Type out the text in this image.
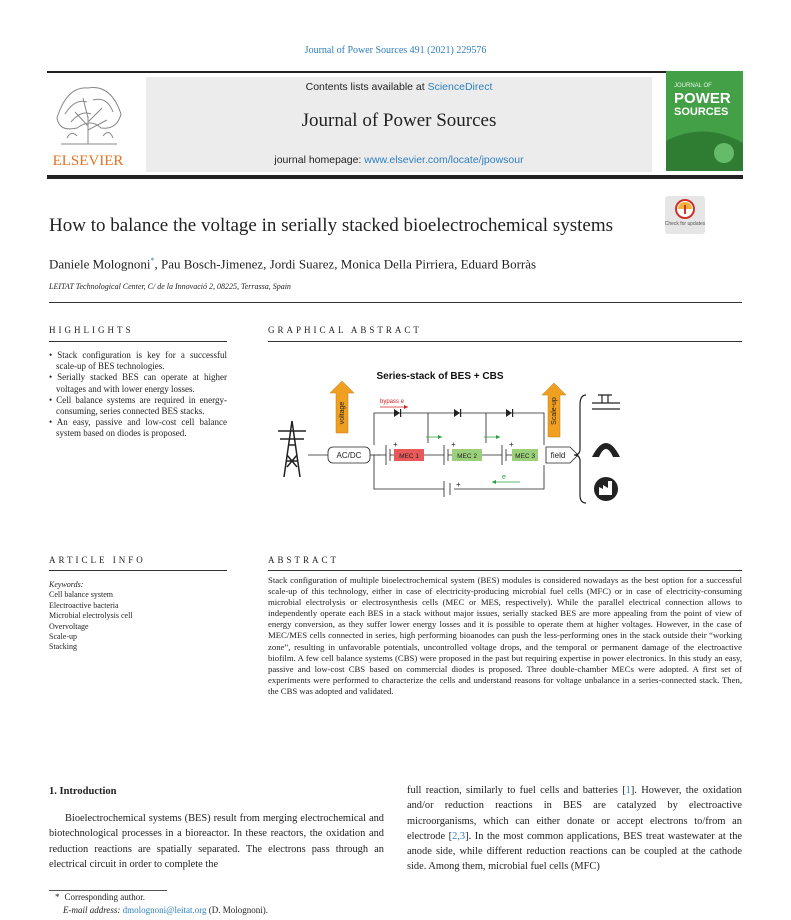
Journal of Power Sources 491 (2021) 229576
ELSEVIER
Contents lists available at ScienceDirect
Journal of Power Sources
journal homepage: www.elsevier.com/locate/jpowsour
JOURNAL OF
POWER
SOURCES
How to balance the voltage in serially stacked bioelectrochemical systems	Check for updates
Daniele Molognoni*, Pau Bosch-Jimenez, Jordi Suarez, Monica Della Pirriera, Eduard Borràs
LEITAT Technological Center, C/ de la Innovació 2, 08225, Terrassa, Spain
HIGHLIGHTS
• Stack configuration is key for a successful scale-up of BES technologies.
• Serially stacked BES can operate at higher voltages and with lower energy losses.
• Cell balance systems are required in energy-consuming, series connected BES stacks.
• An easy, passive and low-cost cell balance system based on diodes is proposed.
GRAPHICAL ABSTRACT
Series-stack of BES + CBS
voltage
AC/DC
bypass e
MEC 1	MEC 2	MEC 3
+	+	+
+
e
Scale-up
field
ARTICLE INFO
Keywords:
Cell balance system
Electroactive bacteria
Microbial electrolysis cell
Overvoltage
Scale-up
Stacking
ABSTRACT
Stack configuration of multiple bioelectrochemical system (BES) modules is considered nowadays as the best option for a successful scale-up of this technology, either in case of electricity-producing microbial fuel cells (MFC) or in case of electricity-consuming microbial electrolysis or electrosynthesis cells (MEC or MES, respectively). While the parallel electrical connection allows to independently operate each BES in a stack without major issues, serially stacked BES are more appealing from the point of view of energy conversion, as they suffer lower energy losses and it is possible to operate them at higher voltages. However, in the case of MEC/MES cells connected in series, high performing bioanodes can push the less-performing ones in the stack outside their “working zone”, resulting in unfavorable potentials, uncontrolled voltage drops, and the temporal or permanent damage of the electroactive biofilm. A few cell balance systems (CBS) were proposed in the past but requiring expertise in power electronics. In this study an easy, passive and low-cost CBS based on commercial diodes is proposed. Three double-chamber MECs were adopted. A first set of experiments were performed to characterize the cells and understand reasons for voltage unbalance in a series-connected stack. Then, the CBS was adopted and validated.
1. Introduction
Bioelectrochemical systems (BES) result from merging electrochemical and biotechnological processes in a bioreactor. In these reactors, the oxidation and reduction reactions are spatially separated. The electrons pass through an electrical circuit in order to complete the
full reaction, similarly to fuel cells and batteries [1]. However, the oxidation and/or reduction reactions in BES are catalyzed by electroactive microorganisms, which can either donate or accept electrons to/from an electrode [2,3]. In the most common applications, BES treat wastewater at the anode side, while different reduction reactions can be coupled at the cathode side. Among them, microbial fuel cells (MFC)
* Corresponding author.
E-mail address: dmolognoni@leitat.org (D. Molognoni).
